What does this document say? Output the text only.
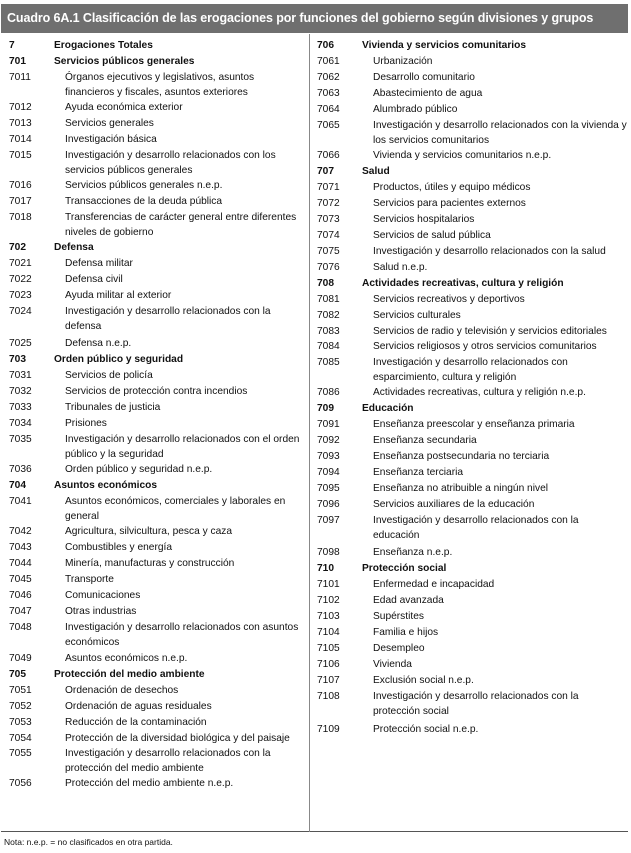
Cuadro 6A.1 Clasificación de las erogaciones por funciones del gobierno según divisiones y grupos
7	Erogaciones Totales
701	Servicios públicos generales
7011	Órganos ejecutivos y legislativos, asuntos financieros y fiscales, asuntos exteriores
7012	Ayuda económica exterior
7013	Servicios generales
7014	Investigación básica
7015	Investigación y desarrollo relacionados con los servicios públicos generales
7016	Servicios públicos generales n.e.p.
7017	Transacciones de la deuda pública
7018	Transferencias de carácter general entre diferentes niveles de gobierno
702	Defensa
7021	Defensa militar
7022	Defensa civil
7023	Ayuda militar al exterior
7024	Investigación y desarrollo relacionados con la defensa
7025	Defensa n.e.p.
703	Orden público y seguridad
7031	Servicios de policía
7032	Servicios de protección contra incendios
7033	Tribunales de justicia
7034	Prisiones
7035	Investigación y desarrollo relacionados con el orden público y la seguridad
7036	Orden público y seguridad n.e.p.
704	Asuntos económicos
7041	Asuntos económicos, comerciales y laborales en general
7042	Agricultura, silvicultura, pesca y caza
7043	Combustibles y energía
7044	Minería, manufacturas y construcción
7045	Transporte
7046	Comunicaciones
7047	Otras industrias
7048	Investigación y desarrollo relacionados con asuntos económicos
7049	Asuntos económicos n.e.p.
705	Protección del medio ambiente
7051	Ordenación de desechos
7052	Ordenación de aguas residuales
7053	Reducción de la contaminación
7054	Protección de la diversidad biológica y del paisaje
7055	Investigación y desarrollo relacionados con la protección del medio ambiente
7056	Protección del medio ambiente n.e.p.
706	Vivienda y servicios comunitarios
7061	Urbanización
7062	Desarrollo comunitario
7063	Abastecimiento de agua
7064	Alumbrado público
7065	Investigación y desarrollo relacionados con la vivienda y los servicios comunitarios
7066	Vivienda y servicios comunitarios n.e.p.
707	Salud
7071	Productos, útiles y equipo médicos
7072	Servicios para pacientes externos
7073	Servicios hospitalarios
7074	Servicios de salud pública
7075	Investigación y desarrollo relacionados con la salud
7076	Salud n.e.p.
708	Actividades recreativas, cultura y religión
7081	Servicios recreativos y deportivos
7082	Servicios culturales
7083	Servicios de radio y televisión y servicios editoriales
7084	Servicios religiosos y otros servicios comunitarios
7085	Investigación y desarrollo relacionados con esparcimiento, cultura y religión
7086	Actividades recreativas, cultura y religión n.e.p.
709	Educación
7091	Enseñanza preescolar y enseñanza primaria
7092	Enseñanza secundaria
7093	Enseñanza postsecundaria no terciaria
7094	Enseñanza terciaria
7095	Enseñanza no atribuible a ningún nivel
7096	Servicios auxiliares de la educación
7097	Investigación y desarrollo relacionados con la educación
7098	Enseñanza n.e.p.
710	Protección social
7101	Enfermedad e incapacidad
7102	Edad avanzada
7103	Supérstites
7104	Familia e hijos
7105	Desempleo
7106	Vivienda
7107	Exclusión social n.e.p.
7108	Investigación y desarrollo relacionados con la protección social
7109	Protección social n.e.p.
Nota: n.e.p. = no clasificados en otra partida.
